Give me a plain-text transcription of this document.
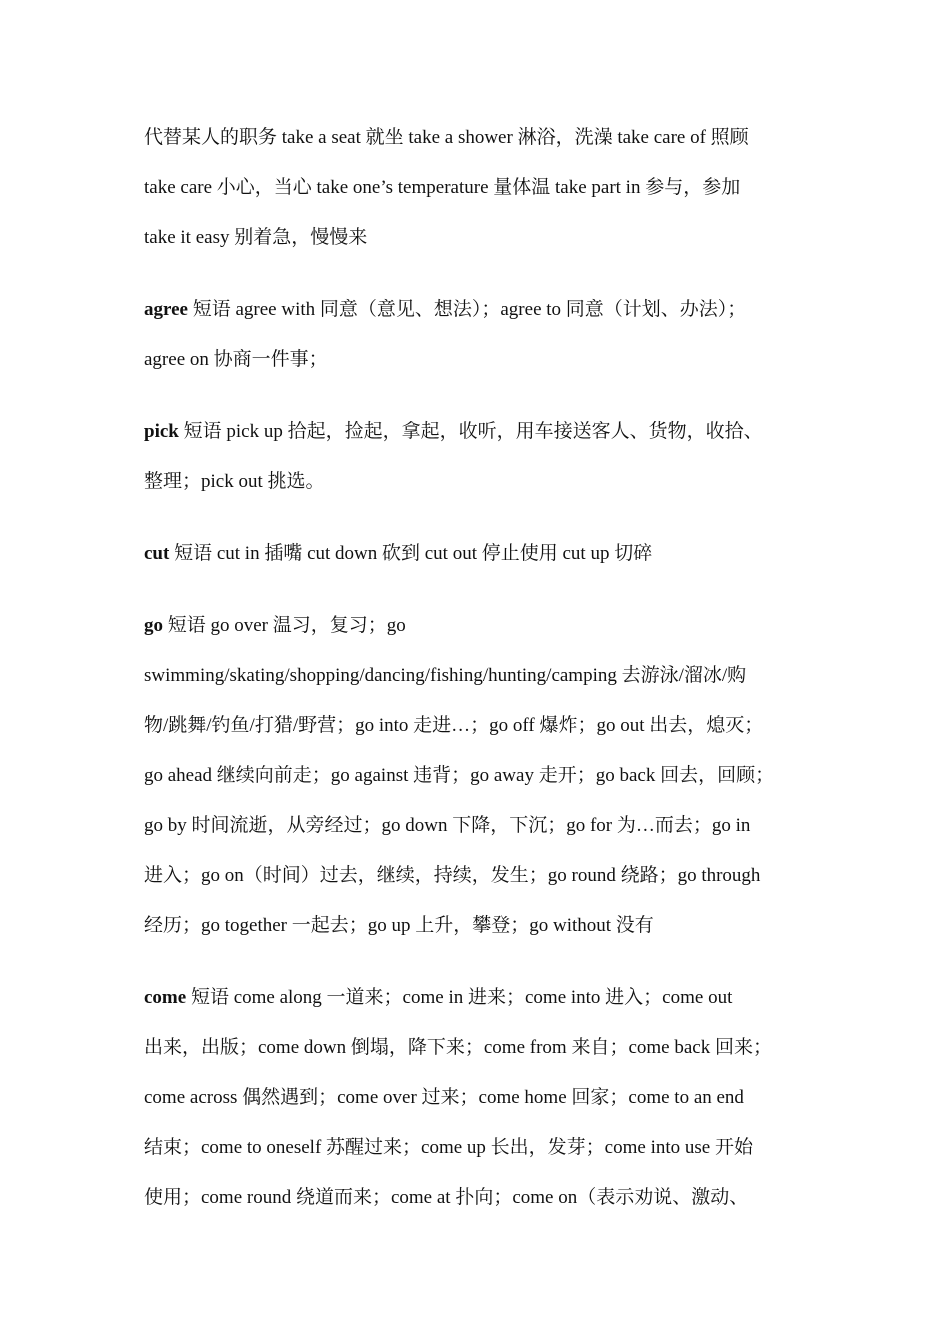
代替某人的职务 take a seat 就坐 take a shower 淋浴，洗澡 take care of 照顾
take care 小心，当心 take one’s temperature 量体温 take part in 参与，参加
take it easy 别着急，慢慢来
agree 短语 agree with 同意（意见、想法）；agree to 同意（计划、办法）；
agree on 协商一件事；
pick 短语 pick up 拾起，捡起，拿起，收听，用车接送客人、货物，收拾、
整理；pick out 挑选。
cut 短语 cut in 插嘴 cut down 砍到 cut out 停止使用 cut up 切碎
go 短语 go over 温习，复习；go
swimming/skating/shopping/dancing/fishing/hunting/camping 去游泳/溜冰/购
物/跳舞/钓鱼/打猎/野营；go into 走进…；go off 爆炸；go out 出去，熄灭；
go ahead 继续向前走；go against 违背；go away 走开；go back 回去，回顾；
go by 时间流逝，从旁经过；go down 下降，下沉；go for 为…而去；go in
进入；go on（时间）过去，继续，持续，发生；go round 绕路；go through
经历；go together 一起去；go up 上升，攀登；go without 没有
come 短语 come along 一道来；come in 进来；come into 进入；come out
出来，出版；come down 倒塌，降下来；come from 来自；come back 回来；
come across 偶然遇到；come over 过来；come home 回家；come to an end
结束；come to oneself 苏醒过来；come up 长出，发芽；come into use 开始
使用；come round 绕道而来；come at 扑向；come on（表示劝说、激动、
